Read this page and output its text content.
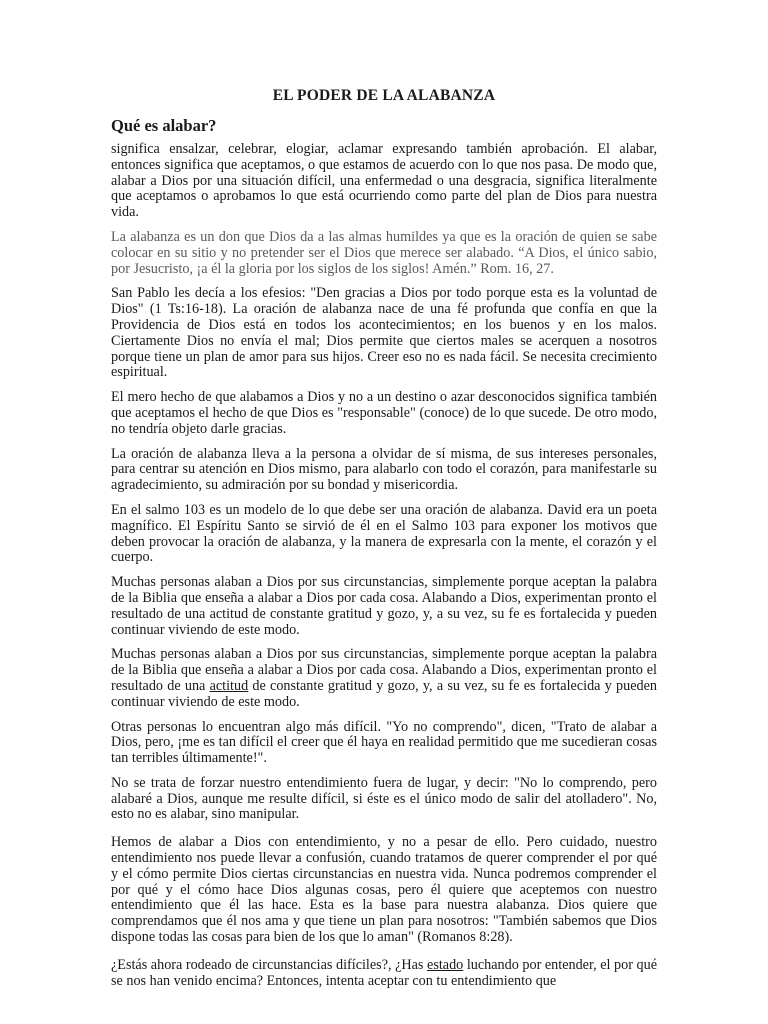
EL PODER DE LA ALABANZA
Qué es alabar?

significa ensalzar, celebrar, elogiar, aclamar expresando también aprobación. El alabar, entonces significa que aceptamos, o que estamos de acuerdo con lo que nos pasa. De modo que, alabar a Dios por una situación difícil, una enfermedad o una desgracia, significa literalmente que aceptamos o aprobamos lo que está ocurriendo como parte del plan de Dios para nuestra vida.

La alabanza es un don que Dios da a las almas humildes ya que es la oración de quien se sabe colocar en su sitio y no pretender ser el Dios que merece ser alabado. “A Dios, el único sabio, por Jesucristo, ¡a él la gloria por los siglos de los siglos! Amén.” Rom. 16, 27.

San Pablo les decía a los efesios: "Den gracias a Dios por todo porque esta es la voluntad de Dios" (1 Ts:16-18). La oración de alabanza nace de una fé profunda que confía en que la Providencia de Dios está en todos los acontecimientos; en los buenos y en los malos. Ciertamente Dios no envía el mal; Dios permite que ciertos males se acerquen a nosotros porque tiene un plan de amor para sus hijos. Creer eso no es nada fácil. Se necesita crecimiento espiritual.

El mero hecho de que alabamos a Dios y no a un destino o azar desconocidos significa también que aceptamos el hecho de que Dios es "responsable" (conoce) de lo que sucede. De otro modo, no tendría objeto darle gracias.

La oración de alabanza lleva a la persona a olvidar de sí misma, de sus intereses personales, para centrar su atención en Dios mismo, para alabarlo con todo el corazón, para manifestarle su agradecimiento, su admiración por su bondad y misericordia.

En el salmo 103 es un modelo de lo que debe ser una oración de alabanza. David era un poeta magnífico. El Espíritu Santo se sirvió de él en el Salmo 103 para exponer los motivos que deben provocar la oración de alabanza, y la manera de expresarla con la mente, el corazón y el cuerpo.

Muchas personas alaban a Dios por sus circunstancias, simplemente porque aceptan la palabra de la Biblia que enseña a alabar a Dios por cada cosa. Alabando a Dios, experimentan pronto el resultado de una actitud de constante gratitud y gozo, y, a su vez, su fe es fortalecida y pueden continuar viviendo de este modo.

Muchas personas alaban a Dios por sus circunstancias, simplemente porque aceptan la palabra de la Biblia que enseña a alabar a Dios por cada cosa. Alabando a Dios, experimentan pronto el resultado de una actitud de constante gratitud y gozo, y, a su vez, su fe es fortalecida y pueden continuar viviendo de este modo.

Otras personas lo encuentran algo más difícil. "Yo no comprendo", dicen, "Trato de alabar a Dios, pero, ¡me es tan difícil el creer que él haya en realidad permitido que me sucedieran cosas tan terribles últimamente!".

No se trata de forzar nuestro entendimiento fuera de lugar, y decir: "No lo comprendo, pero alabaré a Dios, aunque me resulte difícil, si éste es el único modo de salir del atolladero". No, esto no es alabar, sino manipular.

Hemos de alabar a Dios con entendimiento, y no a pesar de ello. Pero cuidado, nuestro entendimiento nos puede llevar a confusión, cuando tratamos de querer comprender el por qué y el cómo permite Dios ciertas circunstancias en nuestra vida. Nunca podremos comprender el por qué y el cómo hace Dios algunas cosas, pero él quiere que aceptemos con nuestro entendimiento que él las hace. Esta es la base para nuestra alabanza. Dios quiere que comprendamos que él nos ama y que tiene un plan para nosotros: "También sabemos que Dios dispone todas las cosas para bien de los que lo aman" (Romanos 8:28).

¿Estás ahora rodeado de circunstancias difíciles?, ¿Has estado luchando por entender, el por qué se nos han venido encima? Entonces, intenta aceptar con tu entendimiento que
